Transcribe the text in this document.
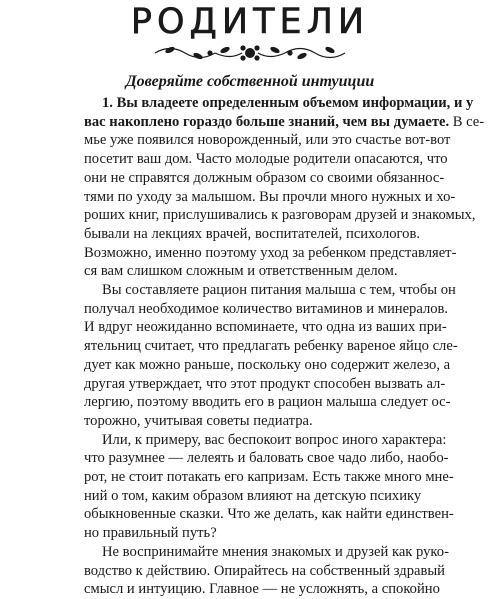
РОДИТЕЛИ
Доверяйте собственной интуиции
1. Вы владеете определенным объемом информации, и у
вас накоплено гораздо больше знаний, чем вы думаете. В се-
мье уже появился новорожденный, или это счастье вот-вот
посетит ваш дом. Часто молодые родители опасаются, что
они не справятся должным образом со своими обязаннос-
тями по уходу за малышом. Вы прочли много нужных и хо-
роших книг, прислушивались к разговорам друзей и знакомых,
бывали на лекциях врачей, воспитателей, психологов.
Возможно, именно поэтому уход за ребенком представляет-
ся вам слишком сложным и ответственным делом.
Вы составляете рацион питания малыша с тем, чтобы он
получал необходимое количество витаминов и минералов.
И вдруг неожиданно вспоминаете, что одна из ваших при-
ятельниц считает, что предлагать ребенку вареное яйцо сле-
дует как можно раньше, поскольку оно содержит железо, а
другая утверждает, что этот продукт способен вызвать ал-
лергию, поэтому вводить его в рацион малыша следует ос-
торожно, учитывая советы педиатра.
Или, к примеру, вас беспокоит вопрос иного характера:
что разумнее — лелеять и баловать свое чадо либо, наобо-
рот, не стоит потакать его капризам. Есть также много мне-
ний о том, каким образом влияют на детскую психику
обыкновенные сказки. Что же делать, как найти единствен-
но правильный путь?
Не воспринимайте мнения знакомых и друзей как руко-
водство к действию. Опирайтесь на собственный здравый
смысл и интуицию. Главное — не усложнять, а спокойно
